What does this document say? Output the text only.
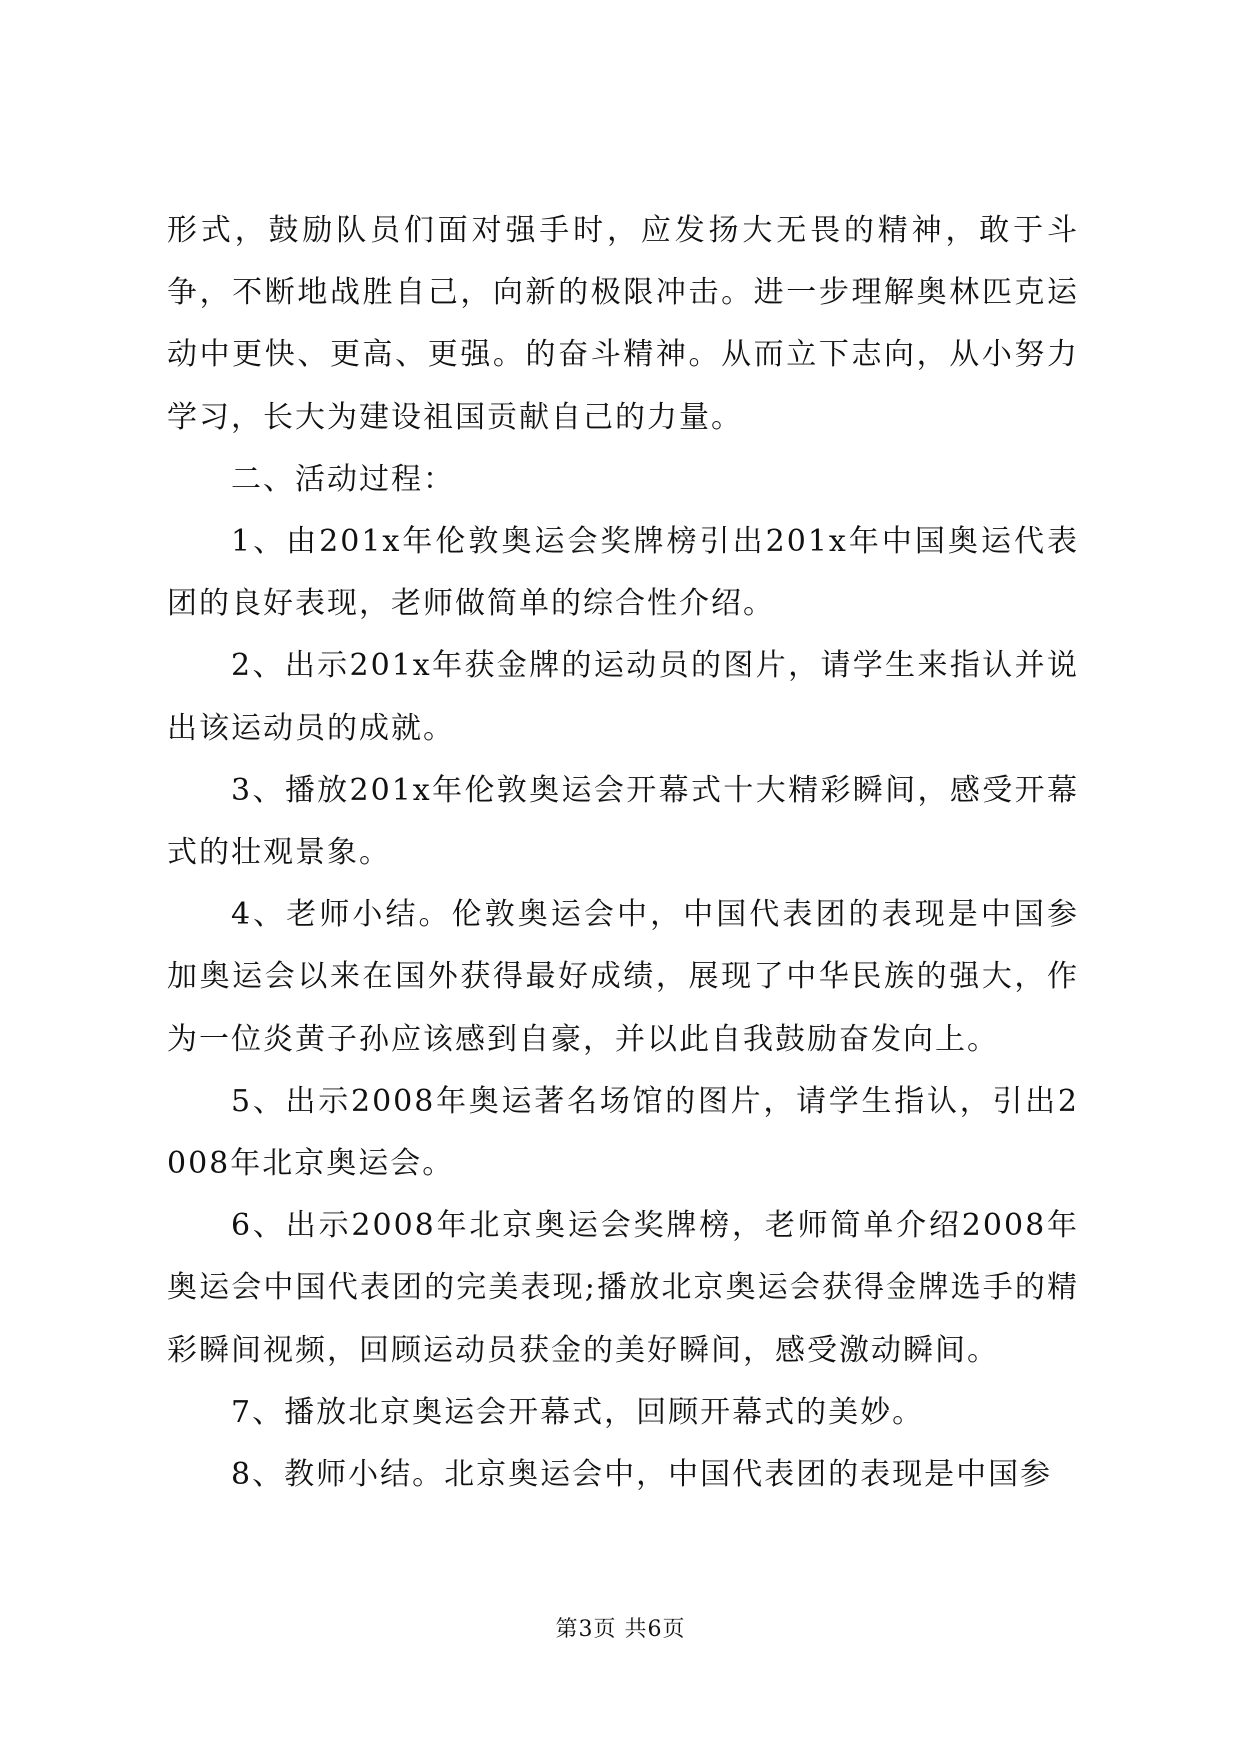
形式，鼓励队员们面对强手时，应发扬大无畏的精神，敢于斗争，不断地战胜自己，向新的极限冲击。进一步理解奥林匹克运动中更快、更高、更强。的奋斗精神。从而立下志向，从小努力学习，长大为建设祖国贡献自己的力量。

二、活动过程：

1、由201x年伦敦奥运会奖牌榜引出201x年中国奥运代表团的良好表现，老师做简单的综合性介绍。

2、出示201x年获金牌的运动员的图片，请学生来指认并说出该运动员的成就。

3、播放201x年伦敦奥运会开幕式十大精彩瞬间，感受开幕式的壮观景象。

4、老师小结。伦敦奥运会中，中国代表团的表现是中国参加奥运会以来在国外获得最好成绩，展现了中华民族的强大，作为一位炎黄子孙应该感到自豪，并以此自我鼓励奋发向上。

5、出示2008年奥运著名场馆的图片，请学生指认，引出2008年北京奥运会。

6、出示2008年北京奥运会奖牌榜，老师简单介绍2008年奥运会中国代表团的完美表现;播放北京奥运会获得金牌选手的精彩瞬间视频，回顾运动员获金的美好瞬间，感受激动瞬间。

7、播放北京奥运会开幕式，回顾开幕式的美妙。

8、教师小结。北京奥运会中，中国代表团的表现是中国参

第3页 共6页
